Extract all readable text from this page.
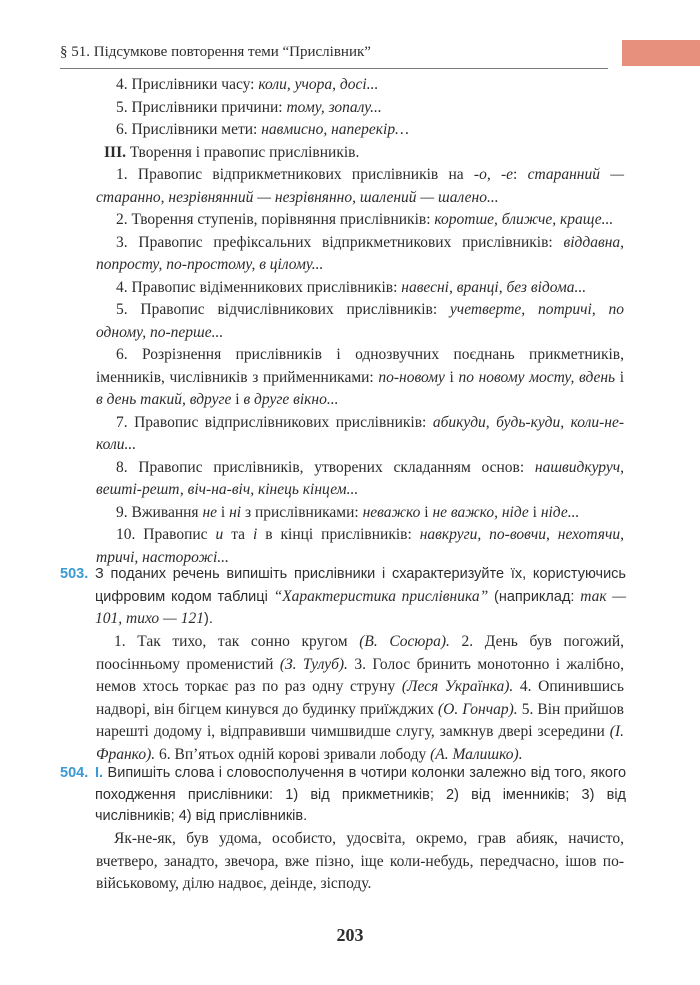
§ 51. Підсумкове повторення теми “Прислівник”

4. Прислівники часу: коли, учора, досі...

5. Прислівники причини: тому, зопалу...

6. Прислівники мети: навмисно, наперекір…

III. Творення і правопис прислівників.

1. Правопис відприкметникових прислівників на -о, -е: старанний — старанно, незрівнянний — незрівнянно, шалений — шалено...

2. Творення ступенів, порівняння прислівників: коротше, ближче, краще...

3. Правопис префіксальних відприкметникових прислівників: віддавна, попросту, по-простому, в цілому...

4. Правопис відіменникових прислівників: навесні, вранці, без відома...

5. Правопис відчислівникових прислівників: учетверте, потричі, по одному, по-перше...

6. Розрізнення прислівників і однозвучних поєднань прикметників, іменників, числівників з прийменниками: по-новому і по новому мосту, вдень і в день такий, вдруге і в друге вікно...

7. Правопис відприслівникових прислівників: абикуди, будь-куди, коли-не-коли...

8. Правопис прислівників, утворених складанням основ: нашвидкуруч, вешті-решт, віч-на-віч, кінець кінцем...

9. Вживання не і ні з прислівниками: неважко і не важко, ніде і ніде...

10. Правопис и та і в кінці прислівників: навкруги, по-вовчи, нехотячи, тричі, насторожі...

503. З поданих речень випишіть прислівники і схарактеризуйте їх, користуючись цифровим кодом таблиці “Характеристика прислівника” (наприклад: так — 101, тихо — 121).

1. Так тихо, так сонно кругом (В. Сосюра). 2. День був погожий, поосінньому променистий (З. Тулуб). 3. Голос бринить монотонно і жалібно, немов хтось торкає раз по раз одну струну (Леся Українка). 4. Опинившись надворі, він бігцем кинувся до будинку приїжджих (О. Гончар). 5. Він прийшов нарешті додому і, відправивши чимшвидше слугу, замкнув двері зсередини (І. Франко). 6. Вп’ятьох одній корові зривали лободу (А. Малишко).

504. I. Випишіть слова і словосполучення в чотири колонки залежно від того, якого походження прислівники: 1) від прикметників; 2) від іменників; 3) від числівників; 4) від прислівників.

Як-не-як, був удома, особисто, удосвіта, окремо, грав абияк, начисто, вчетверо, занадто, звечора, вже пізно, іще коли-небудь, передчасно, ішов по-військовому, ділю надвоє, деінде, зісподу.

203
